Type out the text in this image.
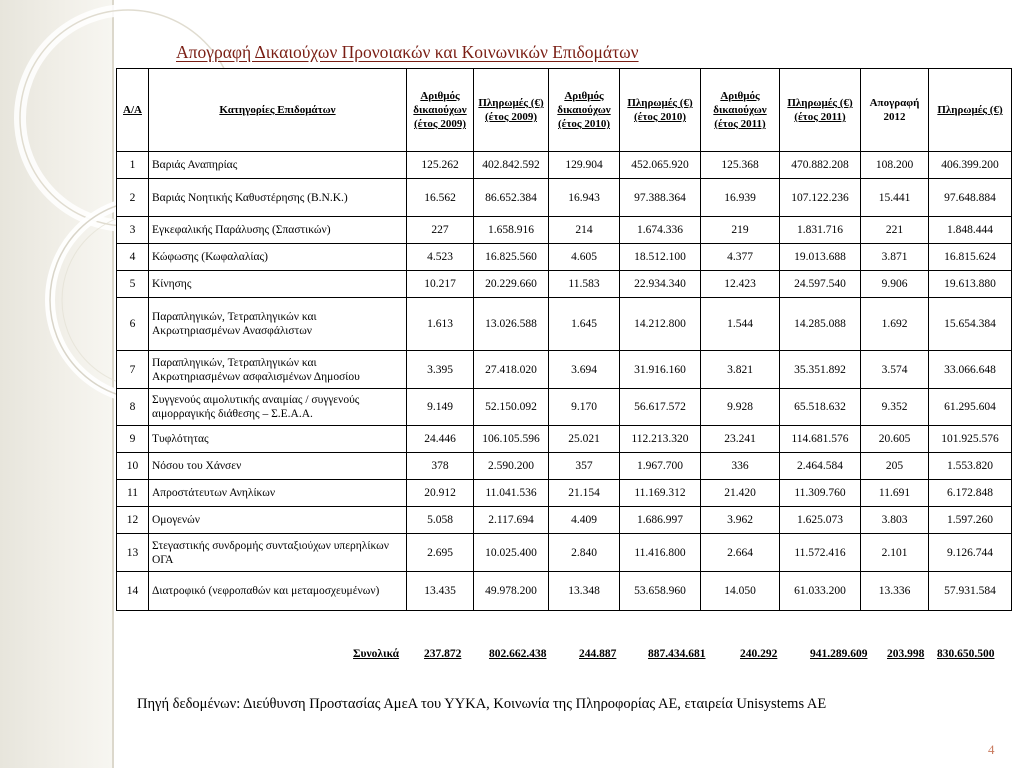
Απογραφή Δικαιούχων Προνοιακών και Κοινωνικών Επιδομάτων
Α/Α	Κατηγορίες Επιδομάτων	Αριθμός δικαιούχων (έτος 2009)	Πληρωμές (€) (έτος 2009)	Αριθμός δικαιούχων (έτος 2010)	Πληρωμές (€) (έτος 2010)	Αριθμός δικαιούχων (έτος 2011)	Πληρωμές (€) (έτος 2011)	Απογραφή 2012	Πληρωμές (€)
1	Βαριάς Αναπηρίας	125.262	402.842.592	129.904	452.065.920	125.368	470.882.208	108.200	406.399.200
2	Βαριάς Νοητικής Καθυστέρησης (Β.Ν.Κ.)	16.562	86.652.384	16.943	97.388.364	16.939	107.122.236	15.441	97.648.884
3	Εγκεφαλικής Παράλυσης (Σπαστικών)	227	1.658.916	214	1.674.336	219	1.831.716	221	1.848.444
4	Κώφωσης (Κωφαλαλίας)	4.523	16.825.560	4.605	18.512.100	4.377	19.013.688	3.871	16.815.624
5	Κίνησης	10.217	20.229.660	11.583	22.934.340	12.423	24.597.540	9.906	19.613.880
6	Παραπληγικών, Τετραπληγικών και Ακρωτηριασμένων Ανασφάλιστων	1.613	13.026.588	1.645	14.212.800	1.544	14.285.088	1.692	15.654.384
7	Παραπληγικών, Τετραπληγικών και Ακρωτηριασμένων ασφαλισμένων Δημοσίου	3.395	27.418.020	3.694	31.916.160	3.821	35.351.892	3.574	33.066.648
8	Συγγενούς αιμολυτικής αναιμίας / συγγενούς αιμορραγικής διάθεσης – Σ.Ε.Α.Α.	9.149	52.150.092	9.170	56.617.572	9.928	65.518.632	9.352	61.295.604
9	Τυφλότητας	24.446	106.105.596	25.021	112.213.320	23.241	114.681.576	20.605	101.925.576
10	Νόσου του Χάνσεν	378	2.590.200	357	1.967.700	336	2.464.584	205	1.553.820
11	Απροστάτευτων Ανηλίκων	20.912	11.041.536	21.154	11.169.312	21.420	11.309.760	11.691	6.172.848
12	Ομογενών	5.058	2.117.694	4.409	1.686.997	3.962	1.625.073	3.803	1.597.260
13	Στεγαστικής συνδρομής συνταξιούχων υπερηλίκων ΟΓΑ	2.695	10.025.400	2.840	11.416.800	2.664	11.572.416	2.101	9.126.744
14	Διατροφικό (νεφροπαθών και μεταμοσχευμένων)	13.435	49.978.200	13.348	53.658.960	14.050	61.033.200	13.336	57.931.584
Συνολικά 237.872 802.662.438	244.887	887.434.681	240.292	941.289.609 203.998 830.650.500
Πηγή δεδομένων: Διεύθυνση Προστασίας ΑμεΑ του ΥΥΚΑ, Κοινωνία της Πληροφορίας ΑΕ, εταιρεία Unisystems AE
4
